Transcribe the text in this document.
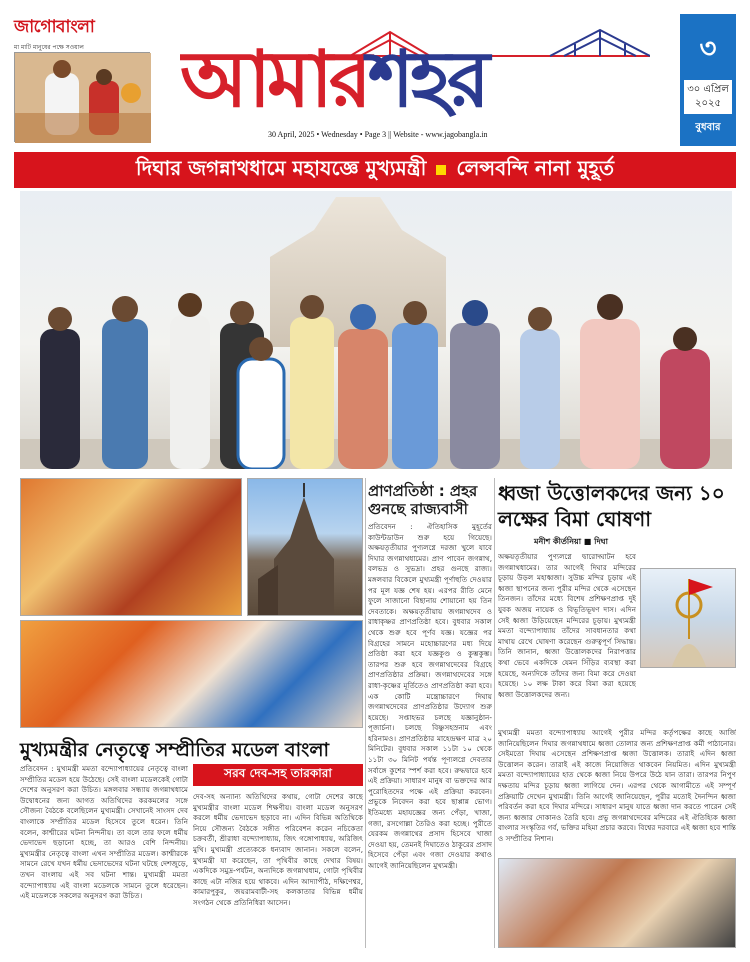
জাগোবাংলা
মা মাটি মানুষের পক্ষে সওয়াল	আমারশহর
30 April, 2025 • Wednesday • Page 3 || Website - www.jagobangla.in
৩
৩০ এপ্রিল
২০২৫
বুধবার
দিঘার জগন্নাথধামে মহাযজ্ঞে মুখ্যমন্ত্রী লেন্সবন্দি নানা মুহূর্ত
প্রাণপ্রতিষ্ঠা : প্রহর গুনছে রাজ্যবাসী
প্রতিবেদন : ঐতিহাসিক মুহূর্তের কাউন্টডাউন শুরু হয়ে গিয়েছে। অক্ষয়তৃতীয়ার পুণ্যলগ্নে দরজা খুলে যাবে দিঘার জগন্নাথধামের। প্রাণ পাবেন জগন্নাথ, বলভদ্র ও সুভদ্রা। প্রহর গুনছে রাজ্য। মঙ্গলবার বিকেলে মুখ্যমন্ত্রী পূর্ণাহুতি দেওয়ার পর মূল যজ্ঞ শেষ হয়। এরপর রীতি মেনে ফুলে সাজানো বিছানায় শোয়ানো হয় তিন দেবতাকে। অক্ষয়তৃতীয়ায় জগন্নাথদেব ও রাধাকৃষ্ণর প্রাণপ্রতিষ্ঠা হবে। বুধবার সকাল থেকে শুরু হবে পূর্ণব যজ্ঞ। যজ্ঞের পর বিগ্রহের সামনে মহোচ্চারণের মধ্য দিয়ে প্রতিষ্ঠা করা হবে যজ্ঞকুণ্ড ও কুম্ভকুম্ভ। তারপর শুরু হবে জগন্নাথদেবের বিগ্রহে প্রাণপ্রতিষ্ঠার প্রক্রিয়া। জগন্নাথদেবের সঙ্গে রাধা-কৃষ্ণের মূর্তিতেও প্রাণপ্রতিষ্ঠা করা হবে। এক কোটি মন্ত্রোচ্চারণে দিঘায় জগন্নাথদেবের প্রাণপ্রতিষ্ঠার উদ্যোগ শুরু হয়েছে। সপ্তাহভর চলছে যজ্ঞানুষ্ঠান-পূজার্চনা। চলছে বিষ্ণুসহস্রনাম এবং হরিনামও। প্রাণপ্রতিষ্ঠার মাহেন্দ্রক্ষণ মাত্র ২০ মিনিটের। বুধবার সকাল ১১টা ১০ থেকে ১১টা ৩০ মিনিট পর্যন্ত পূণ্যলগ্নে দেবতার সর্বাঙ্গে কুশের স্পর্শ করা হবে। রুদ্ধদ্বারে হবে এই প্রক্রিয়া। সাধারণ মানুষ বা ভক্তদের আর পুরোহিতদের পক্ষে এই প্রক্রিয়া করবেন। প্রভুকে নিবেদন করা হবে ছাপ্পান্ন ভোগ। ইতিমধ্যে মহাযজ্ঞের জন্য পেঁড়া, খাজা, গজা, রসগোল্লা তৈরিও করা হচ্ছে। পুরীতে যেরকম জগন্নাথের প্রসাদ হিসেবে খাজা দেওয়া হয়, তেমনই দিঘাতেও ঠাকুরের প্রসাদ হিসেবে পেঁড়া এবং গজা দেওয়ার কথাও আগেই জানিয়েছিলেন মুখ্যমন্ত্রী।
ধ্বজা উত্তোলকদের জন্য ১০ লক্ষের বিমা ঘোষণা
মনীশ কীর্তনিয়া ■ দিঘা
অক্ষয়তৃতীয়ার পুণ্যলগ্নে দ্বারোদ্ঘাটন হবে জগন্নাথধামের। তার আগেই দিঘার মন্দিরের চূড়ায় উড়ল মহাধ্বজা। সুউচ্চ মন্দির চূড়ায় এই ধ্বজা স্থাপনের জন্য পুরীর মন্দির থেকে এসেছেন তিনজন। তাঁদের মধ্যে বিশেষ প্রশিক্ষণপ্রাপ্ত দুই যুবক অজয় নায়েক ও বিভূতিভূষণ দাস। এদিন সেই ধ্বজা উড়িয়েছেন মন্দিরের চূড়ায়। মুখ্যমন্ত্রী মমতা বন্দ্যোপাধ্যায় তাঁদের সাবধানতার কথা মাথায় রেখে ঘোষণা করেছেন গুরুত্বপূর্ণ সিদ্ধান্ত। তিনি জানান, ধ্বজা উত্তোলকদের নিরাপত্তার কথা ভেবে একদিকে যেমন সিঁড়ির ব্যবস্থা করা হয়েছে, অন্যদিকে তাঁদের জন্য বিমা করে দেওয়া হয়েছে। ১০ লক্ষ টাকা করে বিমা করা হয়েছে ধ্বজা উত্তোলকদের জন্য।
মুখ্যমন্ত্রী মমতা বন্দ্যোপাধ্যায় আগেই পুরীর মন্দির কর্তৃপক্ষের কাছে আর্জি জানিয়েছিলেন দিঘার জগন্নাথধামে ধ্বজা তোলার জন্য প্রশিক্ষণপ্রাপ্ত কর্মী পাঠানোর। সেইমতো দিঘায় এসেছেন প্রশিক্ষণপ্রাপ্ত ধ্বজা উত্তোলক। তারাই এদিন ধ্বজা উত্তোলন করেন। তারাই এই কাজে নিয়োজিত থাকবেন নিয়মিত। এদিন মুখ্যমন্ত্রী মমতা বন্দ্যোপাধ্যায়ের হাত থেকে ধ্বজা নিয়ে উপরে উঠে যান তারা। তারপর নিপুণ দক্ষতায় মন্দির চূড়ায় ধ্বজা লাগিয়ে দেন। এরপর থেকে আগামীতে এই সম্পূর্ণ প্রক্রিয়াটি দেখেন মুখ্যমন্ত্রী। তিনি আগেই জানিয়েছেন, পুরীর মতোই দৈনন্দিন ধ্বজা পরিবর্তন করা হবে দিঘার মন্দিরে। সাধারণ মানুষ যাতে ধ্বজা দান করতে পারেন সেই জন্য ধ্বজার দোকানও তৈরি হবে। প্রভু জগন্নাথদেবের মন্দিরের এই ঐতিহ্যিক ধ্বজা বাংলার সংস্কৃতির গর্ব, ভক্তির মহিমা প্রচার করবে। বিশ্বের দরবারে এই ধ্বজা হবে শান্তি ও সম্প্রীতির নিশান।
মুখ্যমন্ত্রীর নেতৃত্বে সম্প্রীতির মডেল বাংলা
প্রতিবেদন : মুখ্যমন্ত্রী মমতা বন্দ্যোপাধ্যায়ের নেতৃত্বে বাংলা সম্প্রীতির মডেল হয়ে উঠেছে। সেই বাংলা মডেলকেই গোটা দেশের অনুসরণ করা উচিত। মঙ্গলবার সন্ধ্যায় জগন্নাথধামে উদ্বোধনের জন্য আগত অতিথিদের করকমলের সঙ্গে সৌজন্য বৈঠকে বলেছিলেন মুখ্যমন্ত্রী। সেখানেই সাংসদ দেব বাংলাকে সম্প্রীতির মডেল হিসেবে তুলে ধরেন। তিনি বলেন, কাশ্মীরের ঘটনা নিন্দনীয়। তা বলে তার ফলে ধর্মীয় ভেদাভেদ ছড়ানো হচ্ছে, তা আরও বেশি নিন্দনীয়। মুখ্যমন্ত্রীর নেতৃত্বে বাংলা এখন সম্প্রীতির মডেল। কাশ্মীরকে সামনে রেখে যখন ধর্মীয় ভেদাভেদের ঘটনা ঘটছে দেশজুড়ে, তখন বাংলায় এই সব ঘটনা শান্ত। মুখ্যমন্ত্রী মমতা বন্দ্যোপাধ্যায় এই বাংলা মডেলকে সামনে তুলে ধরেছেন। এই মডেলকে সকলের অনুসরণ করা উচিত।
সরব দেব-সহ তারকারা
দেব-সহ অন্যান্য অতিথিদের কথায়, গোটা দেশের কাছে মুখ্যমন্ত্রীর বাংলা মডেল শিক্ষণীয়। বাংলা মডেল অনুসরণ করলে ধর্মীয় ভেদাভেদ ছড়াবে না। এদিন বিভিন্ন অতিথিকে নিয়ে সৌজন্য বৈঠকে সঙ্গীত পরিবেশন করেন নচিকেতা চক্রবর্তী, শ্রীরাধা বন্দ্যোপাধ্যায়, জিৎ গঙ্গোপাধ্যায়, অরিজিৎ মুখি। মুখ্যমন্ত্রী প্রত্যেককে ধন্যবাদ জানান। সকলে বলেন, মুখ্যমন্ত্রী যা করেছেন, তা পৃথিবীর কাছে দেখার বিষয়। একদিকে সমুদ্র-পর্যটন, অন্যদিকে জগন্নাথধাম, গোটা পৃথিবীর কাছে এটা নজির হয়ে থাকবে। এদিন আদ্যাপীঠ, দক্ষিণেশ্বর, কামারপুকুর, জয়রামবাটী-সহ কলকাতার বিভিন্ন ধর্মীয় সংগঠন থেকে প্রতিনিধিরা আসেন।
